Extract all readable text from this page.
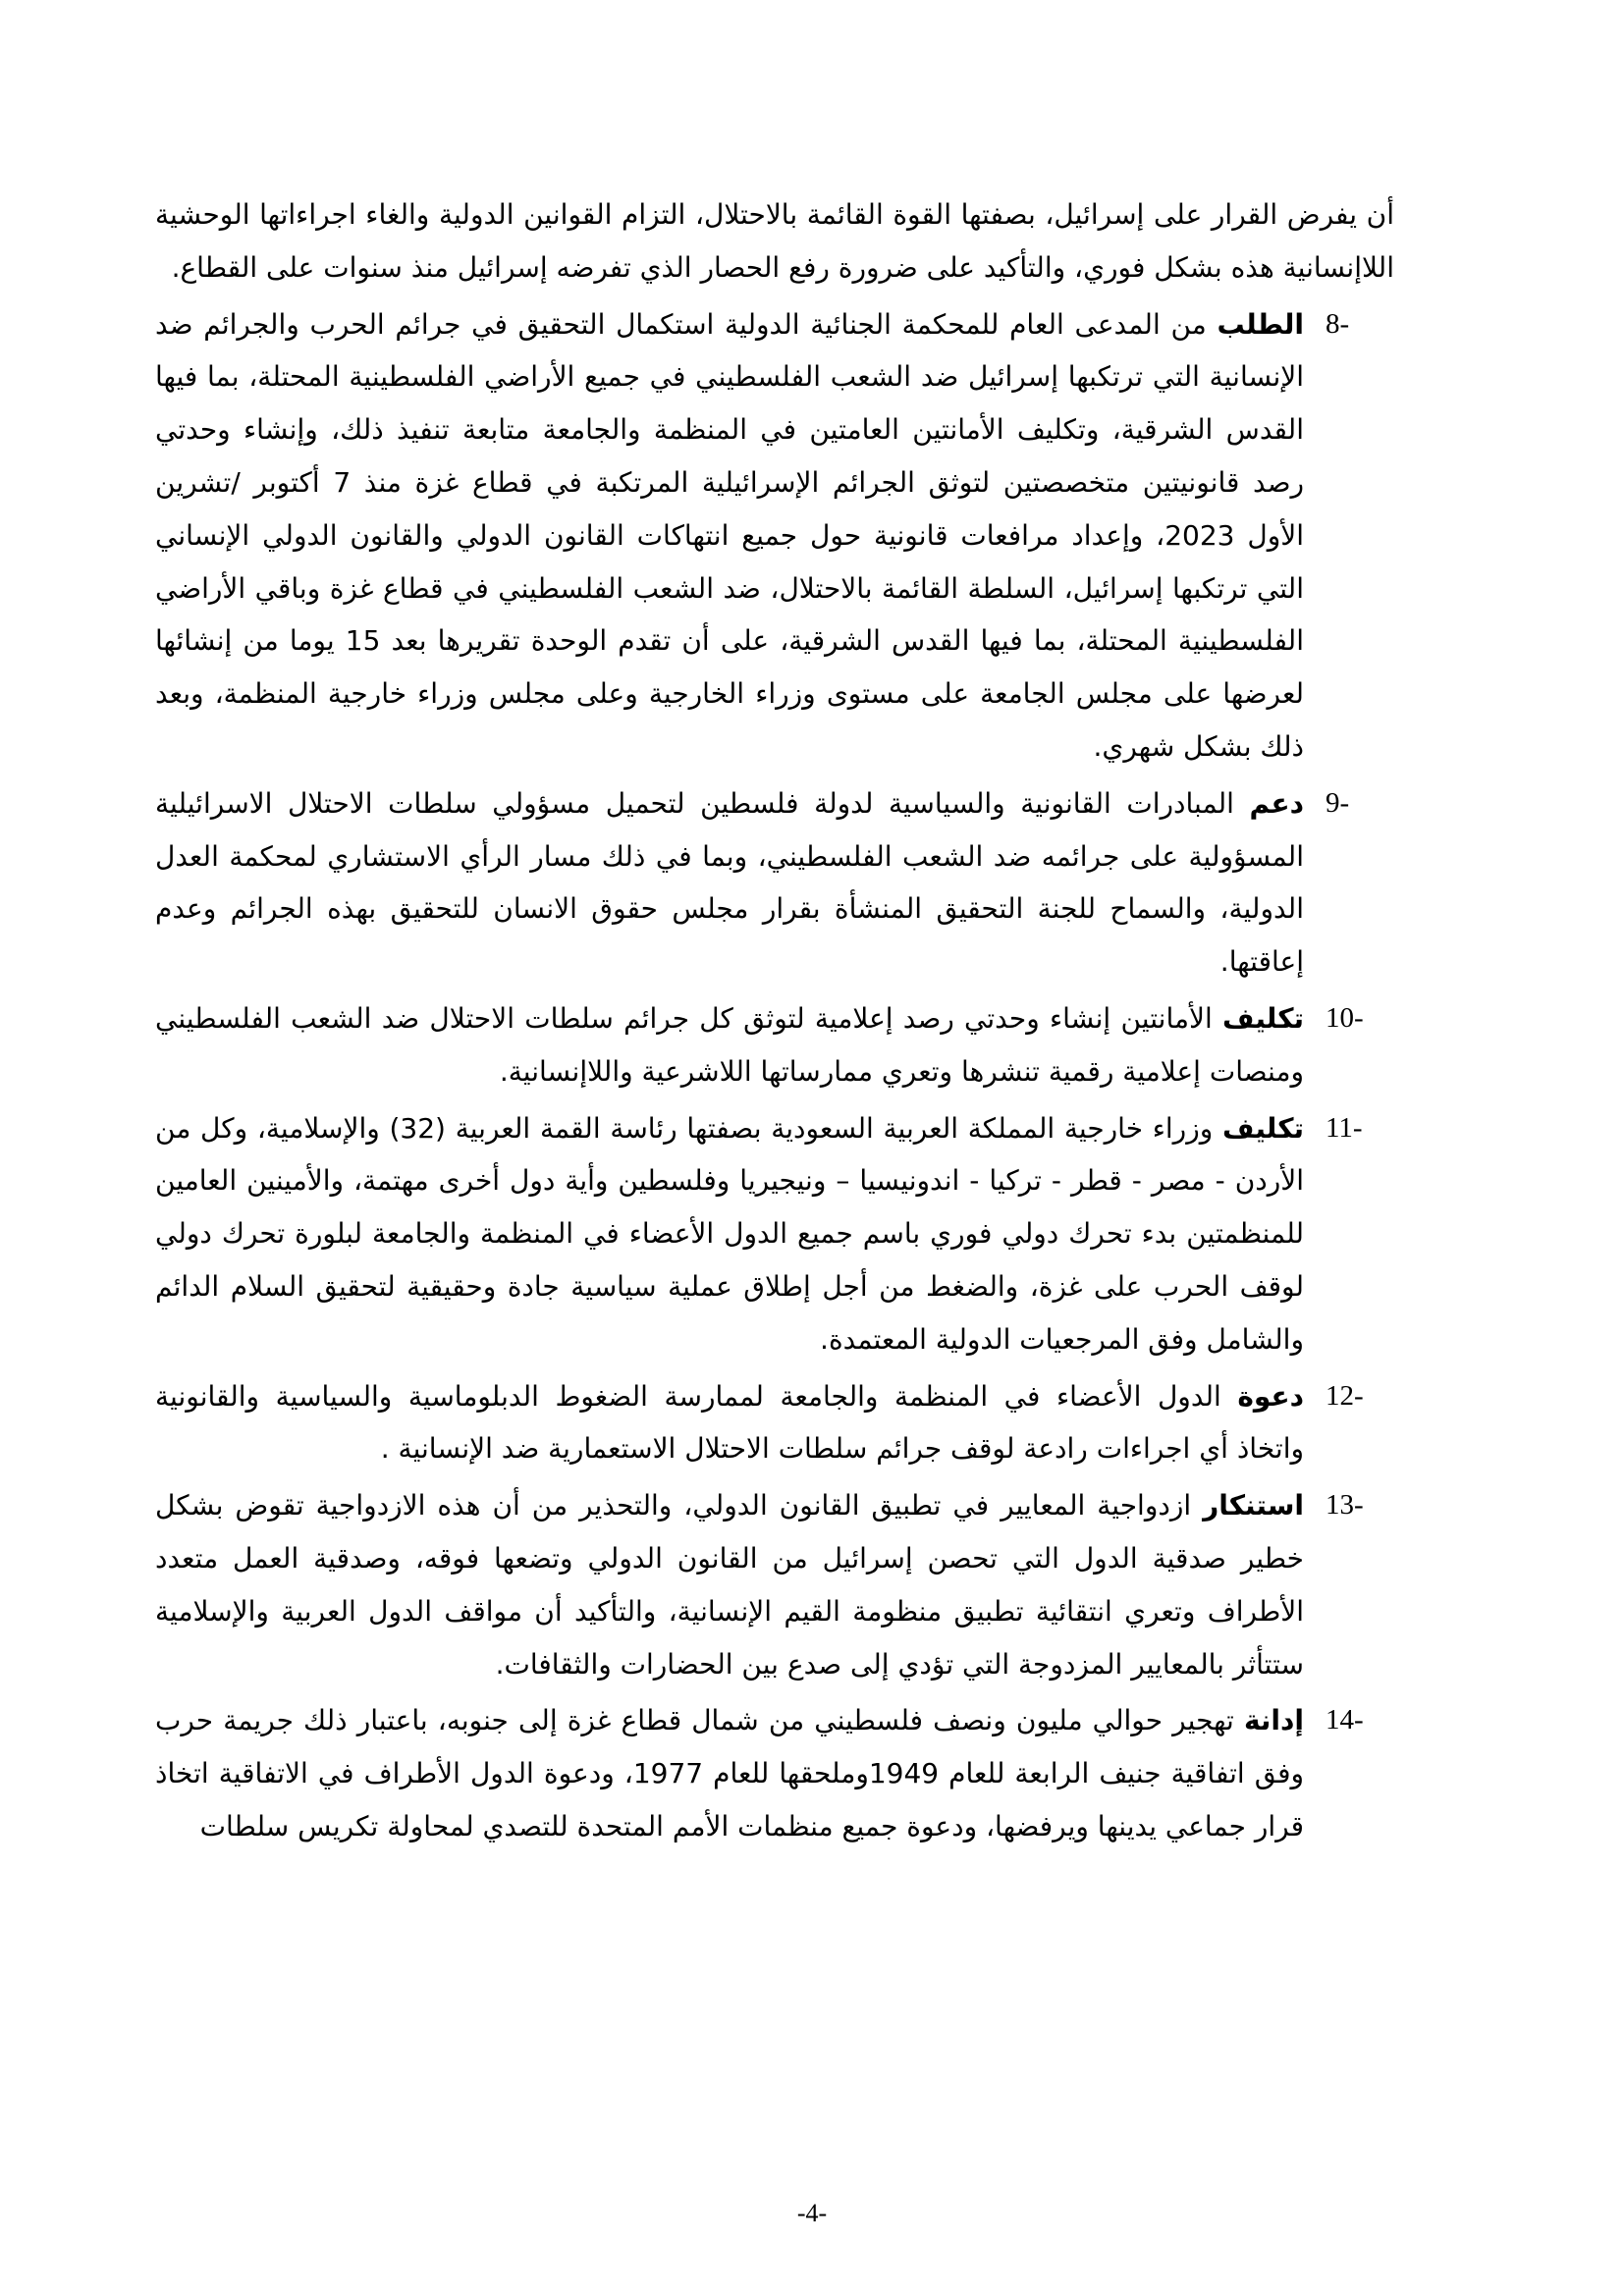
أن يفرض القرار على إسرائيل، بصفتها القوة القائمة بالاحتلال، التزام القوانين الدولية والغاء اجراءاتها الوحشية اللاإنسانية هذه بشكل فوري، والتأكيد على ضرورة رفع الحصار الذي تفرضه إسرائيل منذ سنوات على القطاع.

8-
الطلب من المدعى العام للمحكمة الجنائية الدولية استكمال التحقيق في جرائم الحرب والجرائم ضد الإنسانية التي ترتكبها إسرائيل ضد الشعب الفلسطيني في جميع الأراضي الفلسطينية المحتلة، بما فيها القدس الشرقية، وتكليف الأمانتين العامتين في المنظمة والجامعة متابعة تنفيذ ذلك، وإنشاء وحدتي رصد قانونيتين متخصصتين لتوثق الجرائم الإسرائيلية المرتكبة في قطاع غزة منذ 7 أكتوبر /تشرين الأول 2023، وإعداد مرافعات قانونية حول جميع انتهاكات القانون الدولي والقانون الدولي الإنساني التي ترتكبها إسرائيل، السلطة القائمة بالاحتلال، ضد الشعب الفلسطيني في قطاع غزة وباقي الأراضي الفلسطينية المحتلة، بما فيها القدس الشرقية، على أن تقدم الوحدة تقريرها بعد 15 يوما من إنشائها لعرضها على مجلس الجامعة على مستوى وزراء الخارجية وعلى مجلس وزراء خارجية المنظمة، وبعد ذلك بشكل شهري.
9-
دعم المبادرات القانونية والسياسية لدولة فلسطين لتحميل مسؤولي سلطات الاحتلال الاسرائيلية المسؤولية على جرائمه ضد الشعب الفلسطيني، وبما في ذلك مسار الرأي الاستشاري لمحكمة العدل الدولية، والسماح للجنة التحقيق المنشأة بقرار مجلس حقوق الانسان للتحقيق بهذه الجرائم وعدم إعاقتها.
10-
تكليف الأمانتين إنشاء وحدتي رصد إعلامية لتوثق كل جرائم سلطات الاحتلال ضد الشعب الفلسطيني ومنصات إعلامية رقمية تنشرها وتعري ممارساتها اللاشرعية واللاإنسانية.
11-
تكليف وزراء خارجية المملكة العربية السعودية بصفتها رئاسة القمة العربية (32) والإسلامية، وكل من الأردن - مصر - قطر - تركيا - اندونيسيا – ونيجيريا وفلسطين وأية دول أخرى مهتمة، والأمينين العامين للمنظمتين بدء تحرك دولي فوري باسم جميع الدول الأعضاء في المنظمة والجامعة لبلورة تحرك دولي لوقف الحرب على غزة، والضغط من أجل إطلاق عملية سياسية جادة وحقيقية لتحقيق السلام الدائم والشامل وفق المرجعيات الدولية المعتمدة.
12-
دعوة الدول الأعضاء في المنظمة والجامعة لممارسة الضغوط الدبلوماسية والسياسية والقانونية واتخاذ أي اجراءات رادعة لوقف جرائم سلطات الاحتلال الاستعمارية ضد الإنسانية .
13-
استنكار ازدواجية المعايير في تطبيق القانون الدولي، والتحذير من أن هذه الازدواجية تقوض بشكل خطير صدقية الدول التي تحصن إسرائيل من القانون الدولي وتضعها فوقه، وصدقية العمل متعدد الأطراف وتعري انتقائية تطبيق منظومة القيم الإنسانية، والتأكيد أن مواقف الدول العربية والإسلامية ستتأثر بالمعايير المزدوجة التي تؤدي إلى صدع بين الحضارات والثقافات.
14-
إدانة تهجير حوالي مليون ونصف فلسطيني من شمال قطاع غزة إلى جنوبه، باعتبار ذلك جريمة حرب وفق اتفاقية جنيف الرابعة للعام 1949وملحقها للعام 1977، ودعوة الدول الأطراف في الاتفاقية اتخاذ قرار جماعي يدينها ويرفضها، ودعوة جميع منظمات الأمم المتحدة للتصدي لمحاولة تكريس سلطات
-4-
